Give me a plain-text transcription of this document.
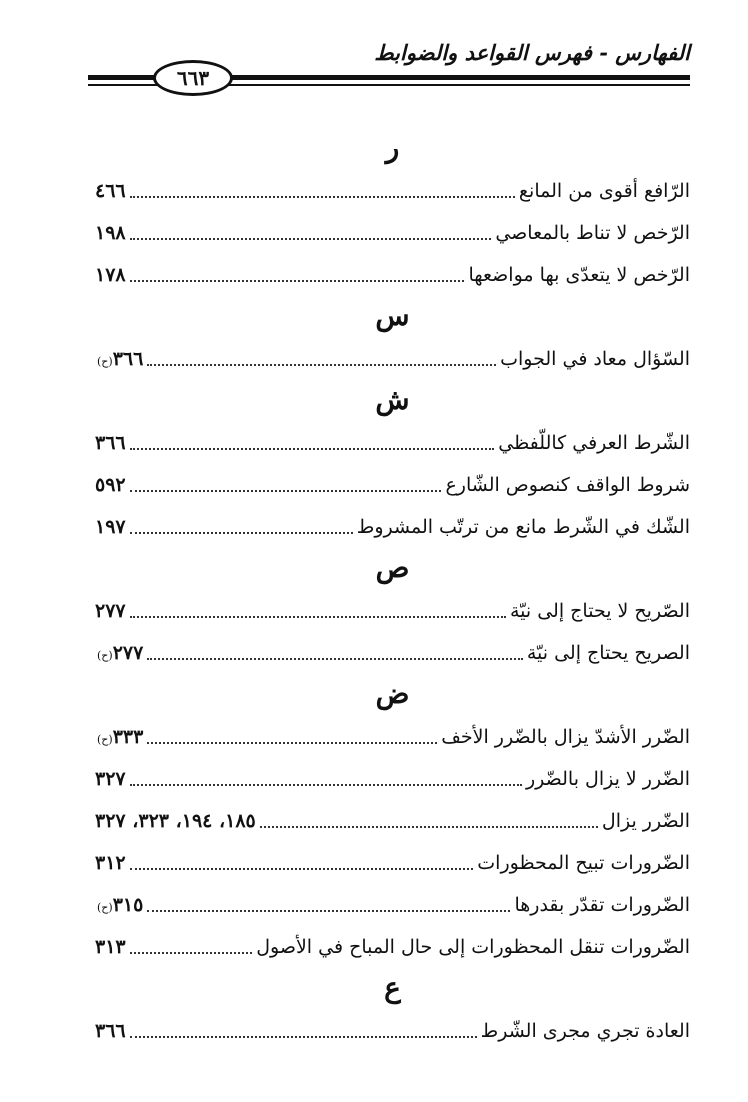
الفهارس - فهرس القواعد والضوابط
٦٦٣
ر
الرّافع أقوى من المانع
٤٦٦
الرّخص لا تناط بالمعاصي
١٩٨
الرّخص لا يتعدّى بها مواضعها
١٧٨
س
السّؤال معاد في الجواب
٣٦٦
(ح)
ش
الشّرط العرفي كاللّفظي
٣٦٦
شروط الواقف كنصوص الشّارع
٥٩٢
الشّك في الشّرط مانع من ترتّب المشروط
١٩٧
ص
الصّريح لا يحتاج إلى نيّة
٢٧٧
الصريح يحتاج إلى نيّة
٢٧٧
(ح)
ض
الضّرر الأشدّ يزال بالضّرر الأخف
٣٣٣
(ح)
الضّرر لا يزال بالضّرر
٣٢٧
الضّرر يزال
١٨٥، ١٩٤، ٣٢٣، ٣٢٧
الضّرورات تبيح المحظورات
٣١٢
الضّرورات تقدّر بقدرها
٣١٥
(ح)
الضّرورات تنقل المحظورات إلى حال المباح في الأصول
٣١٣
ع
العادة تجري مجرى الشّرط
٣٦٦
